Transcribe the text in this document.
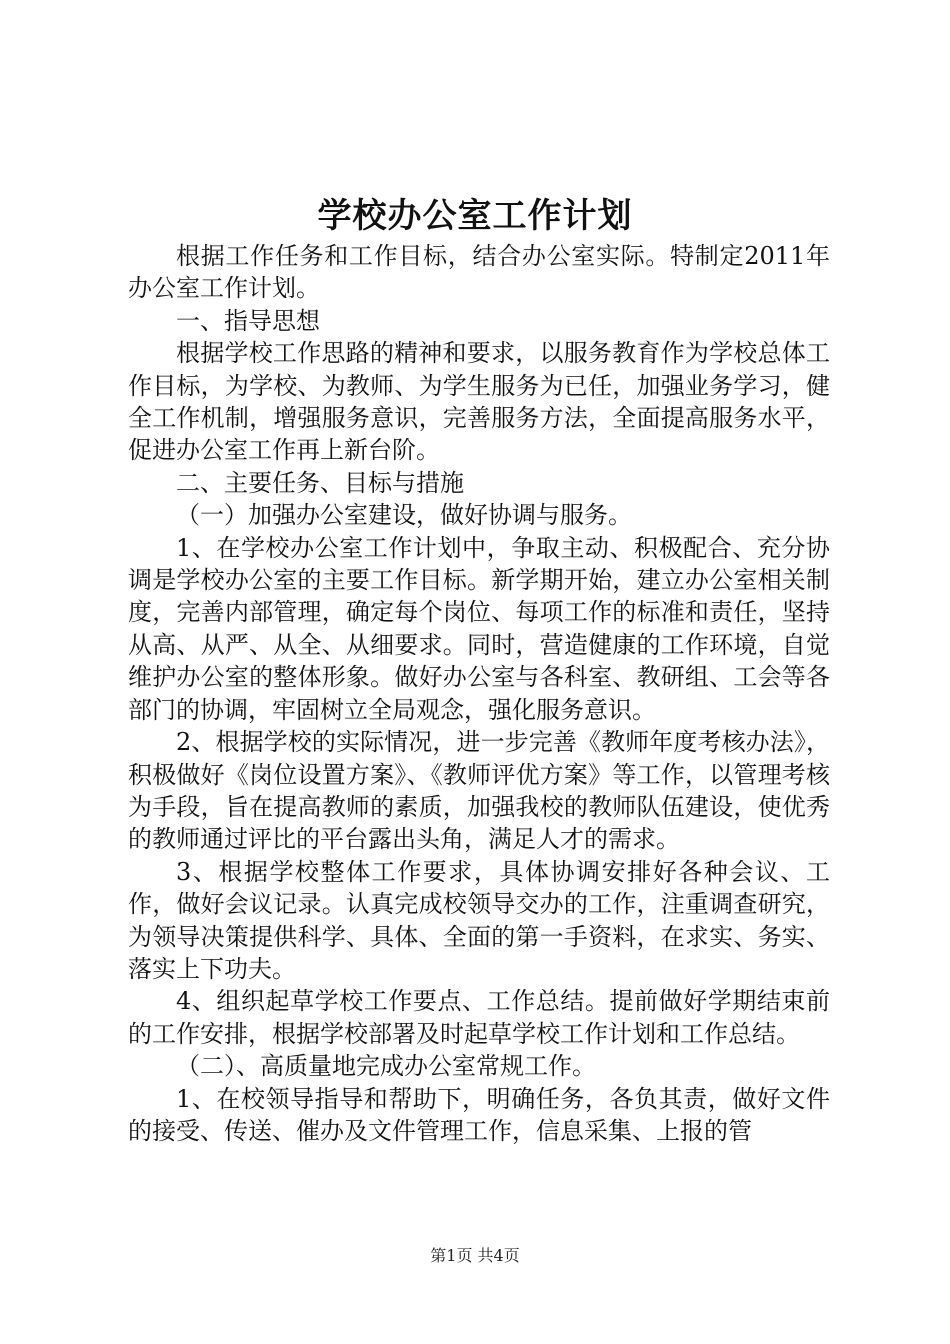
学校办公室工作计划

根据工作任务和工作目标，结合办公室实际。特制定2011年办公室工作计划。

一、指导思想

根据学校工作思路的精神和要求，以服务教育作为学校总体工作目标，为学校、为教师、为学生服务为已任，加强业务学习，健全工作机制，增强服务意识，完善服务方法，全面提高服务水平，促进办公室工作再上新台阶。

二、主要任务、目标与措施

（一）加强办公室建设，做好协调与服务。

1、在学校办公室工作计划中，争取主动、积极配合、充分协调是学校办公室的主要工作目标。新学期开始，建立办公室相关制度，完善内部管理，确定每个岗位、每项工作的标准和责任，坚持从高、从严、从全、从细要求。同时，营造健康的工作环境，自觉维护办公室的整体形象。做好办公室与各科室、教研组、工会等各部门的协调，牢固树立全局观念，强化服务意识。

2、根据学校的实际情况，进一步完善《教师年度考核办法》，积极做好《岗位设置方案》、《教师评优方案》等工作，以管理考核为手段，旨在提高教师的素质，加强我校的教师队伍建设，使优秀的教师通过评比的平台露出头角，满足人才的需求。

3、根据学校整体工作要求，具体协调安排好各种会议、工作，做好会议记录。认真完成校领导交办的工作，注重调查研究，为领导决策提供科学、具体、全面的第一手资料，在求实、务实、落实上下功夫。

4、组织起草学校工作要点、工作总结。提前做好学期结束前的工作安排，根据学校部署及时起草学校工作计划和工作总结。

（二）、高质量地完成办公室常规工作。

1、在校领导指导和帮助下，明确任务，各负其责，做好文件的接受、传送、催办及文件管理工作，信息采集、上报的管

第1页 共4页
